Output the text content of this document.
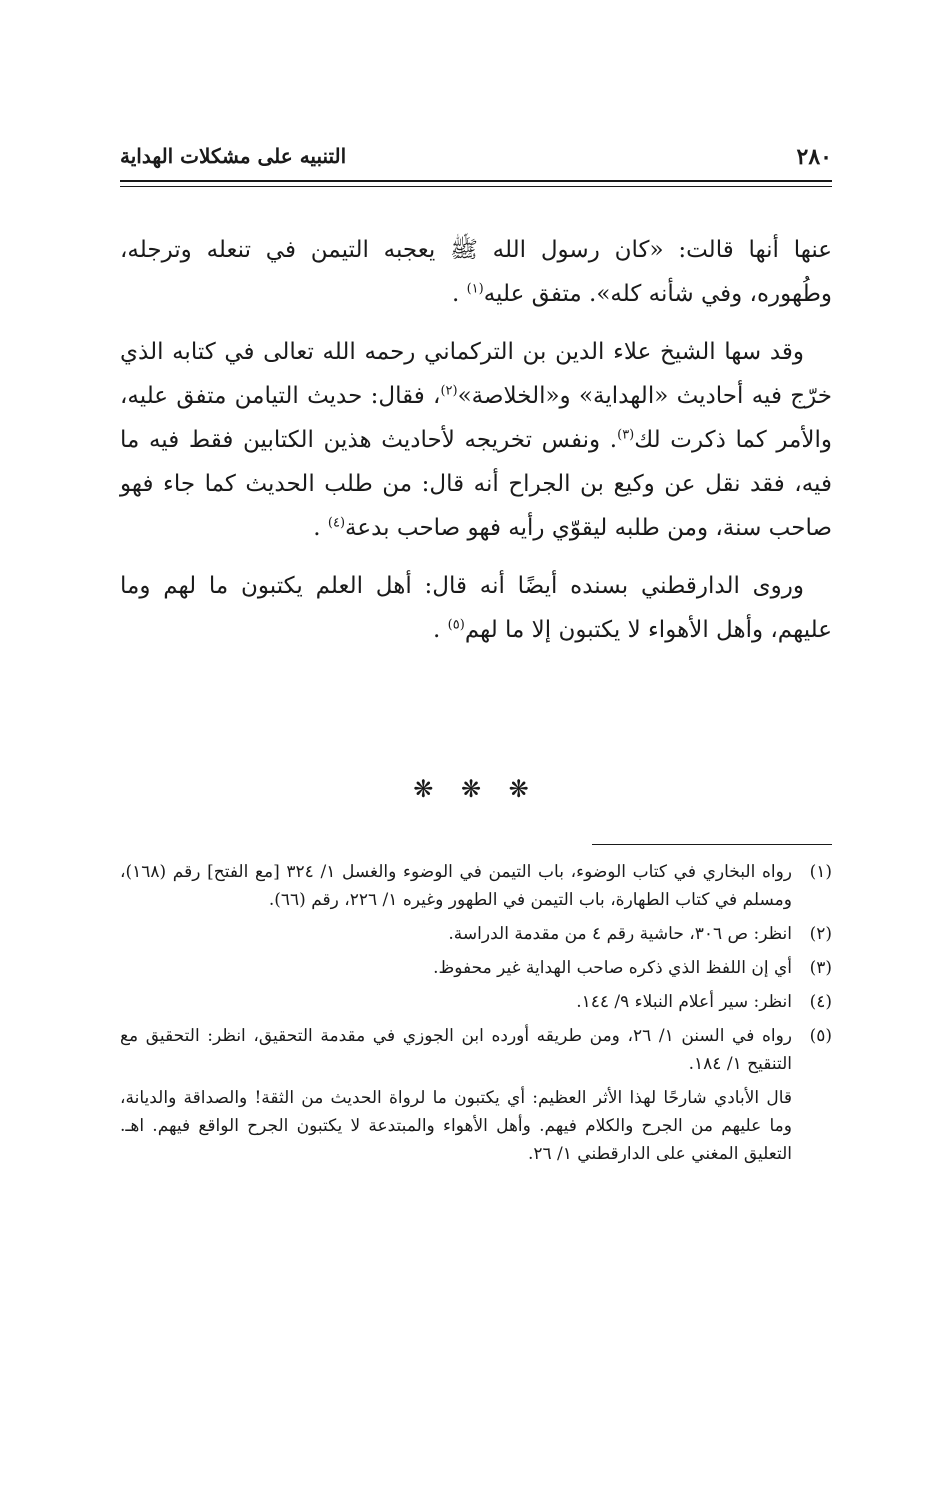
٢٨٠
التنبيه على مشكلات الهداية

عنها أنها قالت: «كان رسول الله ﷺ يعجبه التيمن في تنعله وترجله، وطُهوره، وفي شأنه كله». متفق عليه$^{(١)}$ .

وقد سها الشيخ علاء الدين بن التركماني رحمه الله تعالى في كتابه الذي خرّج فيه أحاديث «الهداية» و«الخلاصة»$^{(٢)}$، فقال: حديث التيامن متفق عليه، والأمر كما ذكرت لك$^{(٣)}$. ونفس تخريجه لأحاديث هذين الكتابين فقط فيه ما فيه، فقد نقل عن وكيع بن الجراح أنه قال: من طلب الحديث كما جاء فهو صاحب سنة، ومن طلبه ليقوّي رأيه فهو صاحب بدعة$^{(٤)}$ .

وروى الدارقطني بسنده أيضًا أنه قال: أهل العلم يكتبون ما لهم وما عليهم، وأهل الأهواء لا يكتبون إلا ما لهم$^{(٥)}$ .

❋ ❋ ❋
(١)
رواه البخاري في كتاب الوضوء، باب التيمن في الوضوء والغسل ١/ ٣٢٤ [مع الفتح] رقم (١٦٨)، ومسلم في كتاب الطهارة، باب التيمن في الطهور وغيره ١/ ٢٢٦، رقم (٦٦).
(٢)
انظر: ص ٣٠٦، حاشية رقم ٤ من مقدمة الدراسة.
(٣)
أي إن اللفظ الذي ذكره صاحب الهداية غير محفوظ.
(٤)
انظر: سير أعلام النبلاء ٩/ ١٤٤.
(٥)
رواه في السنن ١/ ٢٦، ومن طريقه أورده ابن الجوزي في مقدمة التحقيق، انظر: التحقيق مع التنقيح ١/ ١٨٤.
قال الأبادي شارحًا لهذا الأثر العظيم: أي يكتبون ما لرواة الحديث من الثقة! والصداقة والديانة، وما عليهم من الجرح والكلام فيهم. وأهل الأهواء والمبتدعة لا يكتبون الجرح الواقع فيهم. اهـ. التعليق المغني على الدارقطني ١/ ٢٦.
